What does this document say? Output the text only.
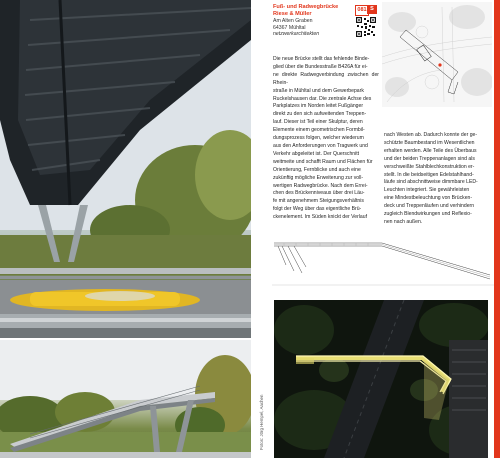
Fuß- und Radwegbrücke
Riese & Müller
Am Alten Graben
64367 Mühltal
netzwerkarchitekten
081 S

Die neue Brücke stellt das fehlende Binde-

glied über die Bundesstraße B426A für ei-

ne direkte Radwegverbindung zwischen der Rhein-

straße in Mühltal und dem Gewerbepark

Ruckelshausen dar. Die zentrale Achse des

Parkplatzes im Norden leitet Fußgänger

direkt zu den sich aufweitenden Treppen-

lauf. Dieser ist Teil einer Skulptur, deren

Elemente einem geometrischen Formbil-

dungsprozess folgen, welcher wiederum

aus den Anforderungen von Tragwerk und

Verkehr abgeleitet ist. Der Querschnitt

weitmeite und schafft Raum und Flächen für

Orientierung, Fernblicke und auch eine

zukünftig mögliche Erweiterung zur voll-

wertigen Radwegbrücke. Nach dem Errei-

chen des Brückenniveaus über drei Läu-

fe mit angenehmem Steigungsverhältnis

folgt der Weg über das eigentliche Brü-

ckenelement. Im Süden knickt der Verlauf

nach Westen ab. Dadurch konnte der ge-

schützte Baumbestand im Wesentlichen

erhalten werden. Alle Teile des Überbaus

und der beiden Treppenanlagen sind als

verschweißte Stahlblechkonstruktion er-

stellt. In die beidseitigen Edelstahlhand-

läufe sind abschnittweise dimmbare LED-

Leuchten integriert. Sie gewährleisten

eine Mindestbeleuchtung von Brücken-

deck und Treppenläufen und verhindern

zugleich Blendwirkungen und Reflexio-

nen nach außen.

Fotos: Jörg Hempel, Aachen
